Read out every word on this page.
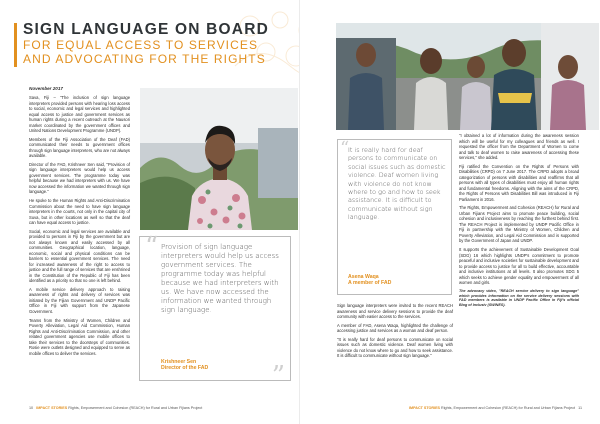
SIGN LANGUAGE ON BOARD
FOR EQUAL ACCESS TO SERVICES
AND ADVOCATING FOR THE RIGHTS
November 2017

Sava, Fiji – "The inclusion of sign language interpreters provided persons with hearing loss access to social, economic and legal services and highlighted equal access to justice and government services as human rights during a recent outreach at the Nausori market coordinated by the government offices and United Nations Development Programme (UNDP).

Members of the Fiji Association of the Deaf (FAD) communicated their needs to government offices through sign language interpreters, who are not always available.

Director of the FAD, Krishneer Sen said, "Provision of sign language interpreters would help us access government services. The programme today was helpful because we had interpreters with us. We have now accessed the information we wanted through sign language."

He spoke to the Human Rights and Anti-Discrimination Commission about the need to have sign language interpreters in the courts, not only in the capital city of Suva, but in other locations as well so that the deaf can have equal access to justice.

Social, economic and legal services are available and provided to persons in Fiji by the government but are not always known and easily accessed by all communities. Geographical location, language, economic, social and physical conditions can be barriers to essential government services. The need for increased awareness of the right to access to justice and the full range of services that are enshrined in the Constitution of the Republic of Fiji has been identified as a priority so that no one is left behind.

A mobile service delivery approach to raising awareness of rights and delivery of services was initiated by the Fijian Government and UNDP Pacific Office in Fiji with support from the Japanese Government.

Teams from the Ministry of Women, Children and Poverty Alleviation, Legal Aid Commission, Human Rights and Anti-Discrimination Commission, and other related government agencies use mobile offices to take their services to the doorsteps of communities. Rosie were outlets designed and equipped to serve as mobile offices to deliver the services.

“ Provision of sign language interpreters would help us access government services. The programme today was helpful because we had interpreters with us. We have now accessed the information we wanted through sign language.
Krishneer Sen
Director of the FAD ”
10 IMPACT STORIES Rights, Empowerment and Cohesion (REACH) for Rural and Urban Fijians Project	IMPACT STORIES Rights, Empowerment and Cohesion (REACH) for Rural and Urban Fijians Project 11
“
It is really hard for deaf persons to communicate on social issues such as domestic violence. Deaf women living with violence do not know where to go and how to seek assistance. It is difficult to communicate without sign language.
Asena Waqa
A member of FAD

Sign language interpreters were invited to the recent REACH awareness and service delivery sessions to provide the deaf community with easier access to the services.

A member of FAD, Asena Waqa, highlighted the challenge of accessing justice and services as a woman and deaf person.

"It is really hard for deaf persons to communicate on social issues such as domestic violence. Deaf women living with violence do not know where to go and how to seek assistance. It is difficult to communicate without sign language."

"I obtained a lot of information during the awareness session which will be useful for my colleagues and friends as well. I requested the officer from the Department of Women to come and talk to deaf women to raise awareness of accessing these services," she added.

Fiji ratified the Convention on the Rights of Persons with Disabilities (CRPD) on 7 June 2017. The CRPD adopts a broad categorization of persons with disabilities and reaffirms that all persons with all types of disabilities must enjoy all human rights and fundamental freedoms. Aligning with the aims of the CRPD, the Rights of Persons with Disabilities Bill was introduced in Fiji Parliament in 2016.

The Rights, Empowerment and Cohesion (REACH) for Rural and Urban Fijians Project aims to promote peace building, social cohesion and inclusiveness by reaching the furthest behind first. The REACH Project is implemented by UNDP Pacific Office in Fiji in partnership with the Ministry of Women, Children and Poverty Alleviation, and Legal Aid Commission and is supported by the Government of Japan and UNDP.

It supports the achievement of Sustainable Development Goal (SDG) 16 which highlights UNDP's commitment to promote peaceful and inclusive societies for sustainable development and to provide access to justice for all to build effective, accountable and inclusive institutions at all levels. It also promotes SDG 5 which seeks to achieve gender equality and empowerment of all women and girls.

The advocacy video, "REACH service delivery to sign language" which provides information on the service delivery sessions with FAD members is available in UNDP Pacific Office in Fiji's official Blog of Inclusiv (SWINES).
